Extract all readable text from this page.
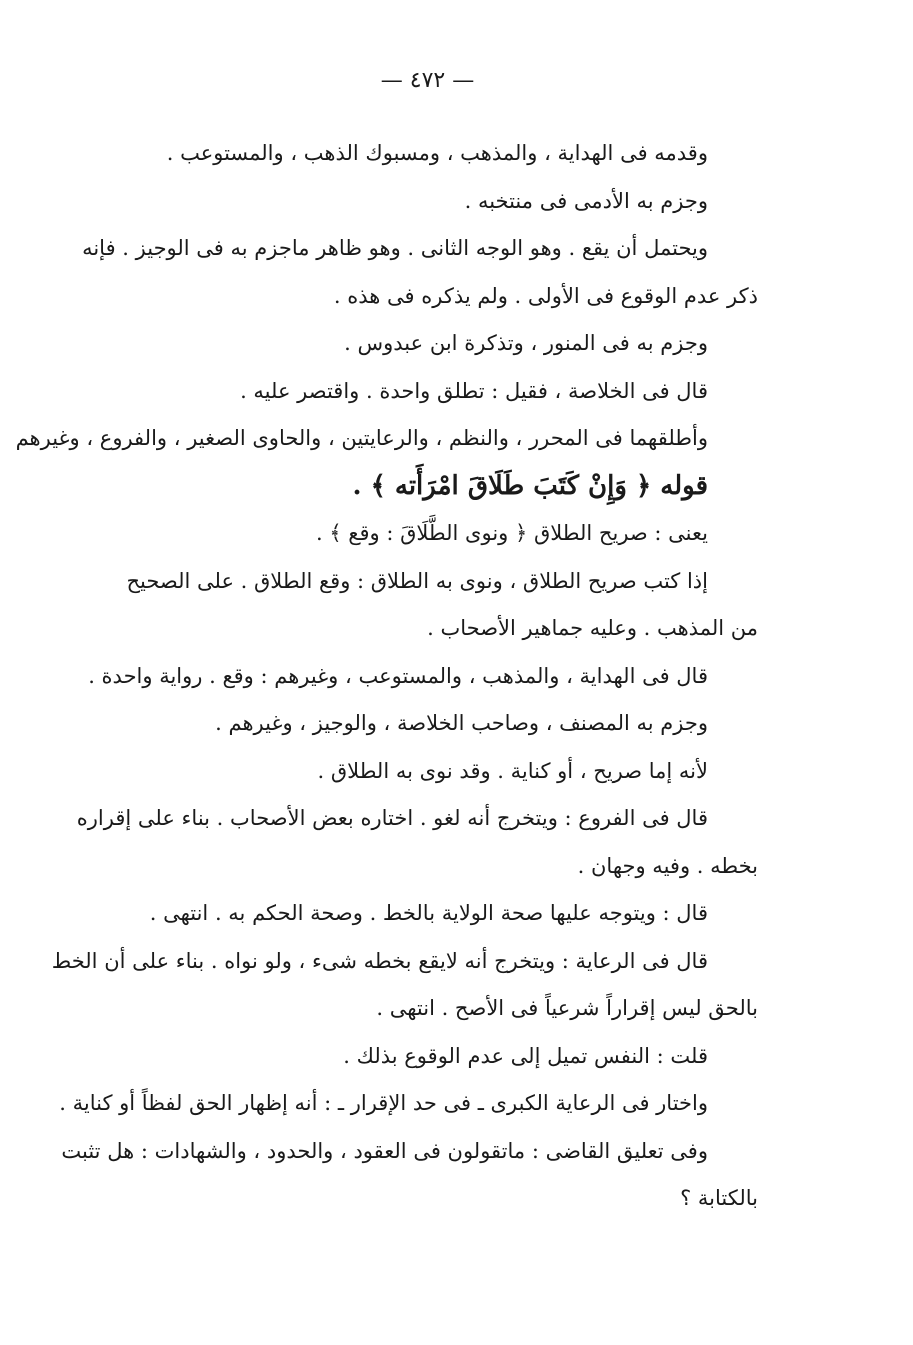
— ٤٧٢ —
وقدمه فى الهداية ، والمذهب ، ومسبوك الذهب ، والمستوعب .
وجزم به الأدمى فى منتخبه .
ويحتمل أن يقع . وهو الوجه الثانى . وهو ظاهر ماجزم به فى الوجيز . فإنه
ذكر عدم الوقوع فى الأولى . ولم يذكره فى هذه .
وجزم به فى المنور ، وتذكرة ابن عبدوس .
قال فى الخلاصة ، فقيل : تطلق واحدة . واقتصر عليه .
وأطلقهما فى المحرر ، والنظم ، والرعايتين ، والحاوى الصغير ، والفروع ، وغيرهم
قوله ﴿ وَإِنْ كَتَبَ طَلَاقَ امْرَأَته ﴾ .
يعنى : صريح الطلاق ﴿ ونوى الطَّلَاقَ : وقع ﴾ .
إذا كتب صريح الطلاق ، ونوى به الطلاق : وقع الطلاق . على الصحيح
من المذهب . وعليه جماهير الأصحاب .
قال فى الهداية ، والمذهب ، والمستوعب ، وغيرهم : وقع . رواية واحدة .
وجزم به المصنف ، وصاحب الخلاصة ، والوجيز ، وغيرهم .
لأنه إما صريح ، أو كناية . وقد نوى به الطلاق .
قال فى الفروع : ويتخرج أنه لغو . اختاره بعض الأصحاب . بناء على إقراره
بخطه . وفيه وجهان .
قال : ويتوجه عليها صحة الولاية بالخط . وصحة الحكم به . انتهى .
قال فى الرعاية : ويتخرج أنه لايقع بخطه شىء ، ولو نواه . بناء على أن الخط
بالحق ليس إقراراً شرعياً فى الأصح . انتهى .
قلت : النفس تميل إلى عدم الوقوع بذلك .
واختار فى الرعاية الكبرى ـ فى حد الإقرار ـ : أنه إظهار الحق لفظاً أو كناية .
وفى تعليق القاضى : ماتقولون فى العقود ، والحدود ، والشهادات : هل تثبت
بالكتابة ؟
